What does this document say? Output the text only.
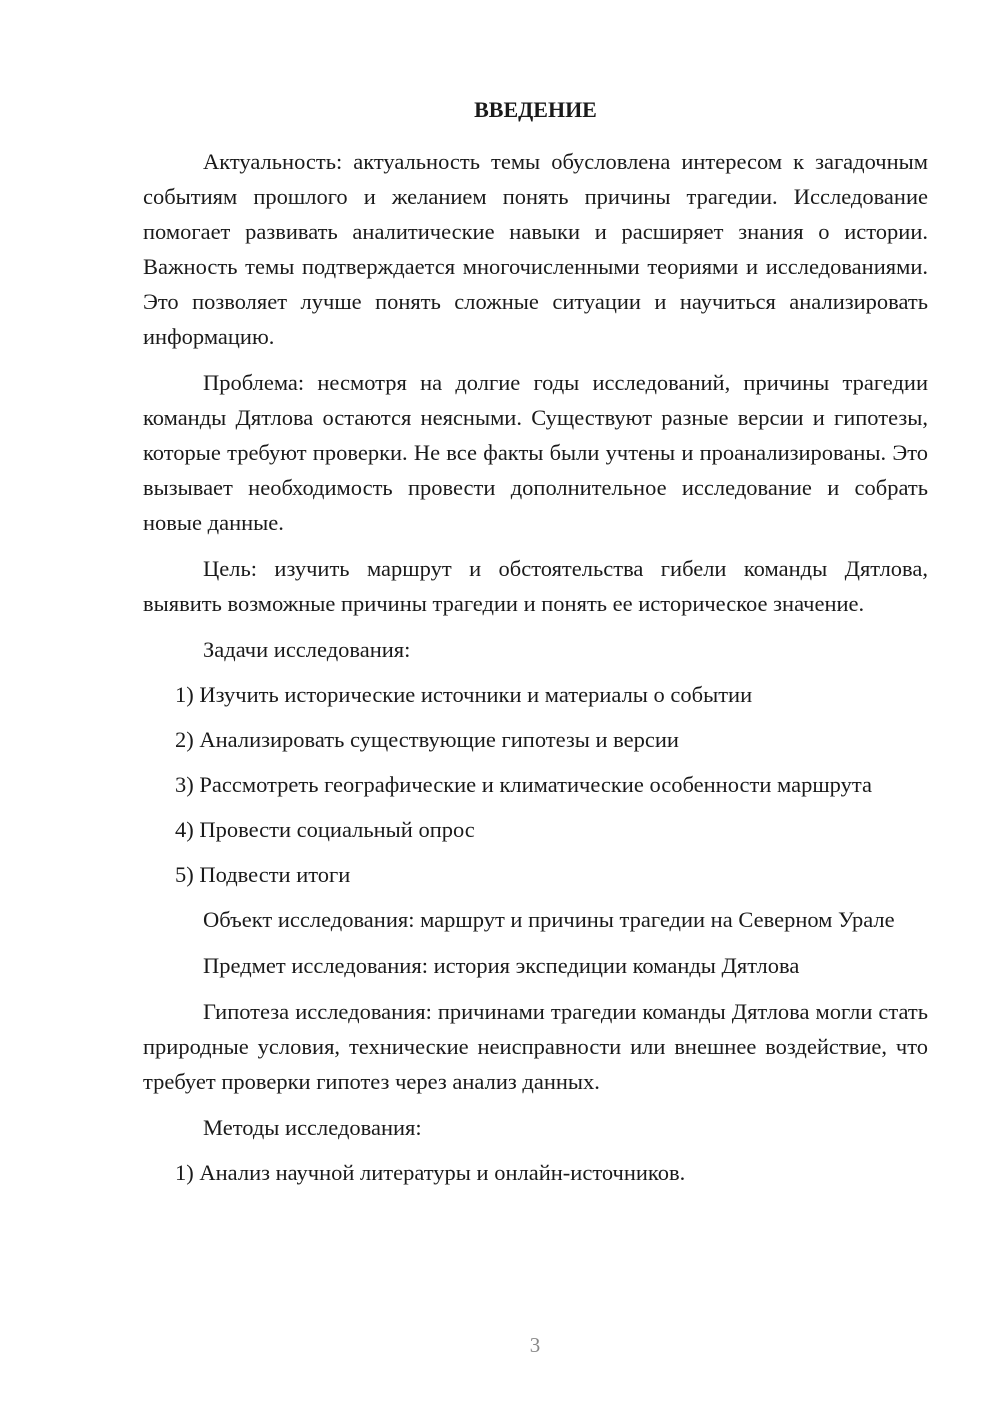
ВВЕДЕНИЕ

Актуальность: актуальность темы обусловлена интересом к загадочным событиям прошлого и желанием понять причины трагедии. Исследование помогает развивать аналитические навыки и расширяет знания о истории. Важность темы подтверждается многочисленными теориями и исследованиями. Это позволяет лучше понять сложные ситуации и научиться анализировать информацию.

Проблема: несмотря на долгие годы исследований, причины трагедии команды Дятлова остаются неясными. Существуют разные версии и гипотезы, которые требуют проверки. Не все факты были учтены и проанализированы. Это вызывает необходимость провести дополнительное исследование и собрать новые данные.

Цель: изучить маршрут и обстоятельства гибели команды Дятлова, выявить возможные причины трагедии и понять ее историческое значение.

Задачи исследования:

1) Изучить исторические источники и материалы о событии

2) Анализировать существующие гипотезы и версии

3) Рассмотреть географические и климатические особенности маршрута

4) Провести социальный опрос

5) Подвести итоги

Объект исследования: маршрут и причины трагедии на Северном Урале

Предмет исследования: история экспедиции команды Дятлова

Гипотеза исследования: причинами трагедии команды Дятлова могли стать природные условия, технические неисправности или внешнее воздействие, что требует проверки гипотез через анализ данных.

Методы исследования:

1) Анализ научной литературы и онлайн-источников.

3
